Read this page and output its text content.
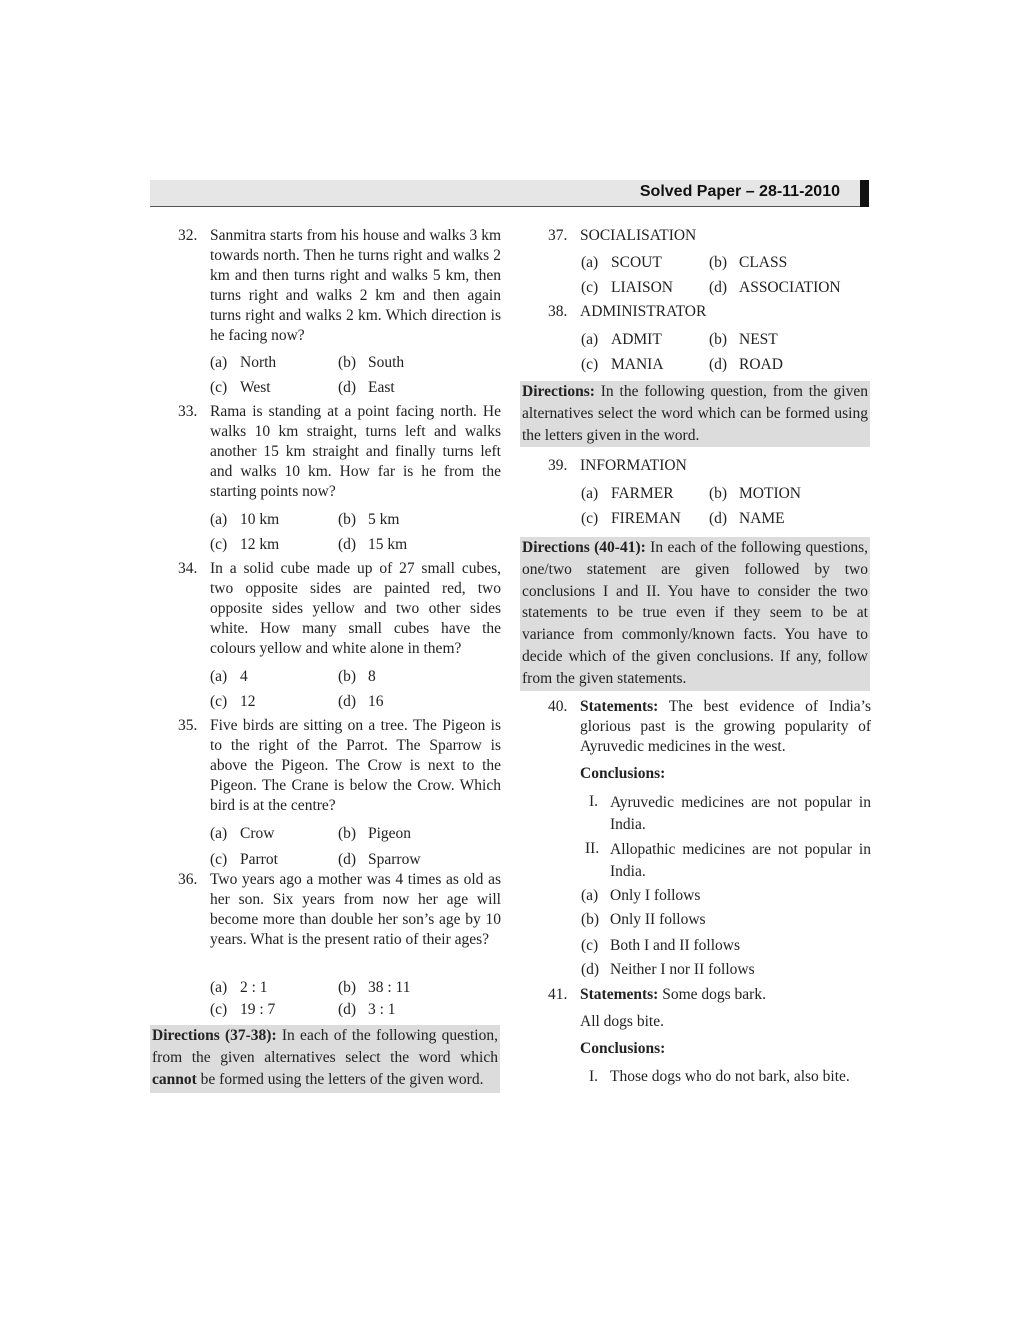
Solved Paper – 28-11-2010
32. Sanmitra starts from his house and walks 3 km towards north. Then he turns right and walks 2 km and then turns right and walks 5 km, then turns right and walks 2 km and then again turns right and walks 2 km. Which direction is he facing now?
33. Rama is standing at a point facing north. He walks 10 km straight, turns left and walks another 15 km straight and finally turns left and walks 10 km. How far is he from the starting points now?
34. In a solid cube made up of 27 small cubes, two opposite sides are painted red, two opposite sides yellow and two other sides white. How many small cubes have the colours yellow and white alone in them?
35. Five birds are sitting on a tree. The Pigeon is to the right of the Parrot. The Sparrow is above the Pigeon. The Crow is next to the Pigeon. The Crane is below the Crow. Which bird is at the centre?
36. Two years ago a mother was 4 times as old as her son. Six years from now her age will become more than double her son’s age by 10 years. What is the present ratio of their ages?
Directions (37-38): In each of the following question, from the given alternatives select the word which cannot be formed using the letters of the given word.
37. SOCIALISATION
38. ADMINISTRATOR
Directions: In the following question, from the given alternatives select the word which can be formed using the letters given in the word.
39. INFORMATION
Directions (40-41): In each of the following questions, one/two statement are given followed by two conclusions I and II. You have to consider the two statements to be true even if they seem to be at variance from commonly/known facts. You have to decide which of the given conclusions. If any, follow from the given statements.
40. Statements: The best evidence of India’s glorious past is the growing popularity of Ayruvedic medicines in the west.
Conclusions:
I. Ayruvedic medicines are not popular in India.
II. Allopathic medicines are not popular in India.
41. Statements: Some dogs bark.
All dogs bite.
Conclusions:
I. Those dogs who do not bark, also bite.
(a) North	(b) South
(c) West	(d) East
(a) 10 km	(b) 5 km
(c) 12 km	(d) 15 km
(a) 4	(b) 8
(c) 12	(d) 16
(a) Crow	(b) Pigeon
(c) Parrot	(d) Sparrow
(a) 2 : 1	(b) 38 : 11
(c) 19 : 7	(d) 3 : 1
(a) SCOUT	(b) CLASS
(c) LIAISON (d) ASSOCIATION
(a) ADMIT	(b) NEST
(c) MANIA	(d) ROAD
(a) FARMER (b) MOTION
(c) FIREMAN (d) NAME
(a) Only I follows
(b) Only II follows
(c) Both I and II follows
(d) Neither I nor II follows
